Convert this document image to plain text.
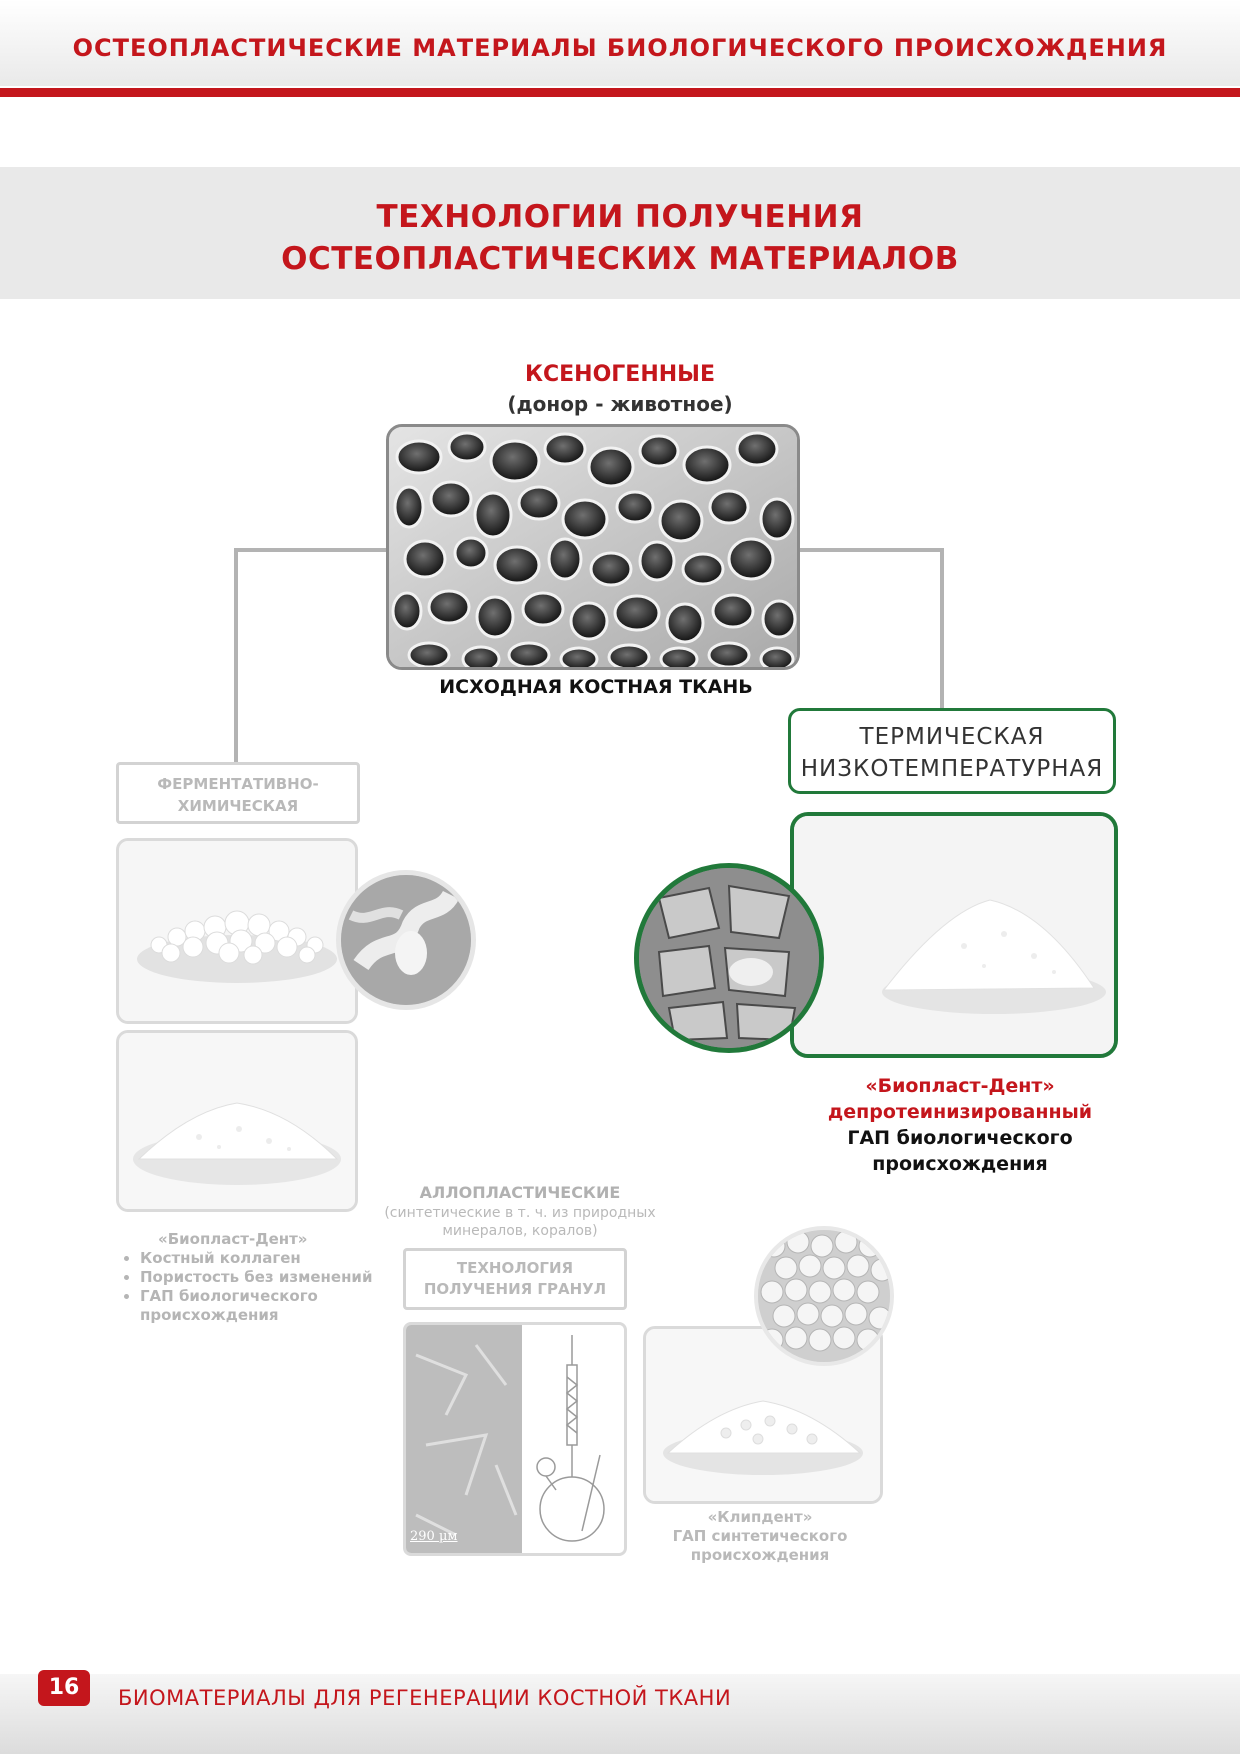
ОСТЕОПЛАСТИЧЕСКИЕ МАТЕРИАЛЫ БИОЛОГИЧЕСКОГО ПРОИСХОЖДЕНИЯ
ТЕХНОЛОГИИ ПОЛУЧЕНИЯ
ОСТЕОПЛАСТИЧЕСКИХ МАТЕРИАЛОВ
КСЕНОГЕННЫЕ
(донор - животное)
ИСХОДНАЯ КОСТНАЯ ТКАНЬ
ФЕРМЕНТАТИВНО-
ХИМИЧЕСКАЯ
«Биопласт-Дент»
• Костный коллаген
• Пористость без изменений
• ГАП биологического происхождения
ТЕРМИЧЕСКАЯ
НИЗКОТЕМПЕРАТУРНАЯ
«Биопласт-Дент»
депротеинизированный
ГАП биологического
происхождения
АЛЛОПЛАСТИЧЕСКИЕ
(синтетические в т. ч. из природных
минералов, коралов)
ТЕХНОЛОГИЯ
ПОЛУЧЕНИЯ ГРАНУЛ
290 µм
«Клипдент»
ГАП синтетического
происхождения
16	БИОМАТЕРИАЛЫ ДЛЯ РЕГЕНЕРАЦИИ КОСТНОЙ ТКАНИ
